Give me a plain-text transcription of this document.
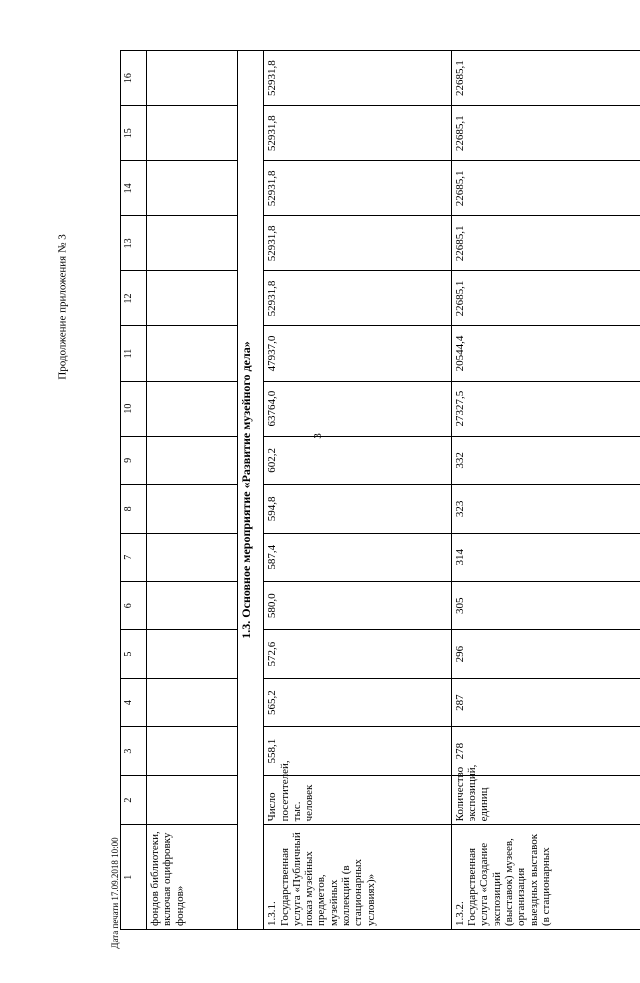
3
Продолжение приложения № 3
1	2	3	4	5	6	7	8	9	10	11	12	13	14	15	16
фондов библиотеки, включая оцифровку фондов»															
1.3. Основное мероприятие «Развитие музейного дела»															
1.3.1. Государственная услуга «Публичный показ музейных предметов, музейных коллекций (в стационарных условиях)»	Число посетителей, тыс. человек	558,1	565,2	572,6	580,0	587,4	594,8	602,2	63764,0	47937,0	52931,8	52931,8	52931,8	52931,8	52931,8
1.3.2. Государственная услуга «Создание экспозиций (выставок) музеев, организация выездных выставок (в стационарных	Количество экспозиций, единиц	278	287	296	305	314	323	332	27327,5	20544,4	22685,1	22685,1	22685,1	22685,1	22685,1
Дата печати 17.09.2018 10:00
